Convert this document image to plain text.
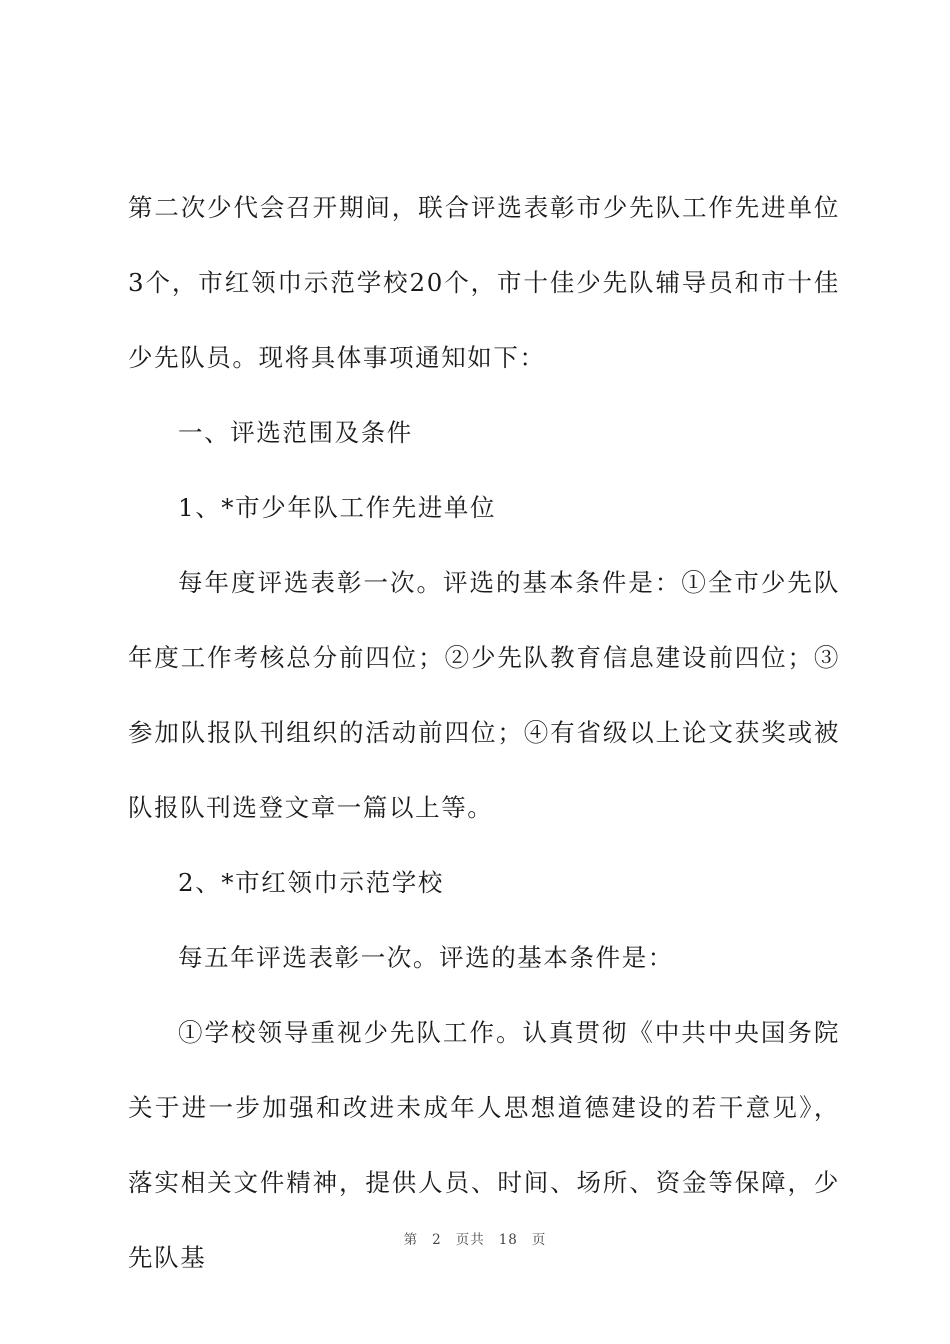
第二次少代会召开期间，联合评选表彰市少先队工作先进单位3个，市红领巾示范学校20个，市十佳少先队辅导员和市十佳少先队员。现将具体事项通知如下：

一、评选范围及条件

1、*市少年队工作先进单位

每年度评选表彰一次。评选的基本条件是：①全市少先队年度工作考核总分前四位；②少先队教育信息建设前四位；③参加队报队刊组织的活动前四位；④有省级以上论文获奖或被队报队刊选登文章一篇以上等。

2、*市红领巾示范学校

每五年评选表彰一次。评选的基本条件是：

①学校领导重视少先队工作。认真贯彻《中共中央国务院关于进一步加强和改进未成年人思想道德建设的若干意见》，落实相关文件精神，提供人员、时间、场所、资金等保障，少先队基

第 2 页共 18 页
